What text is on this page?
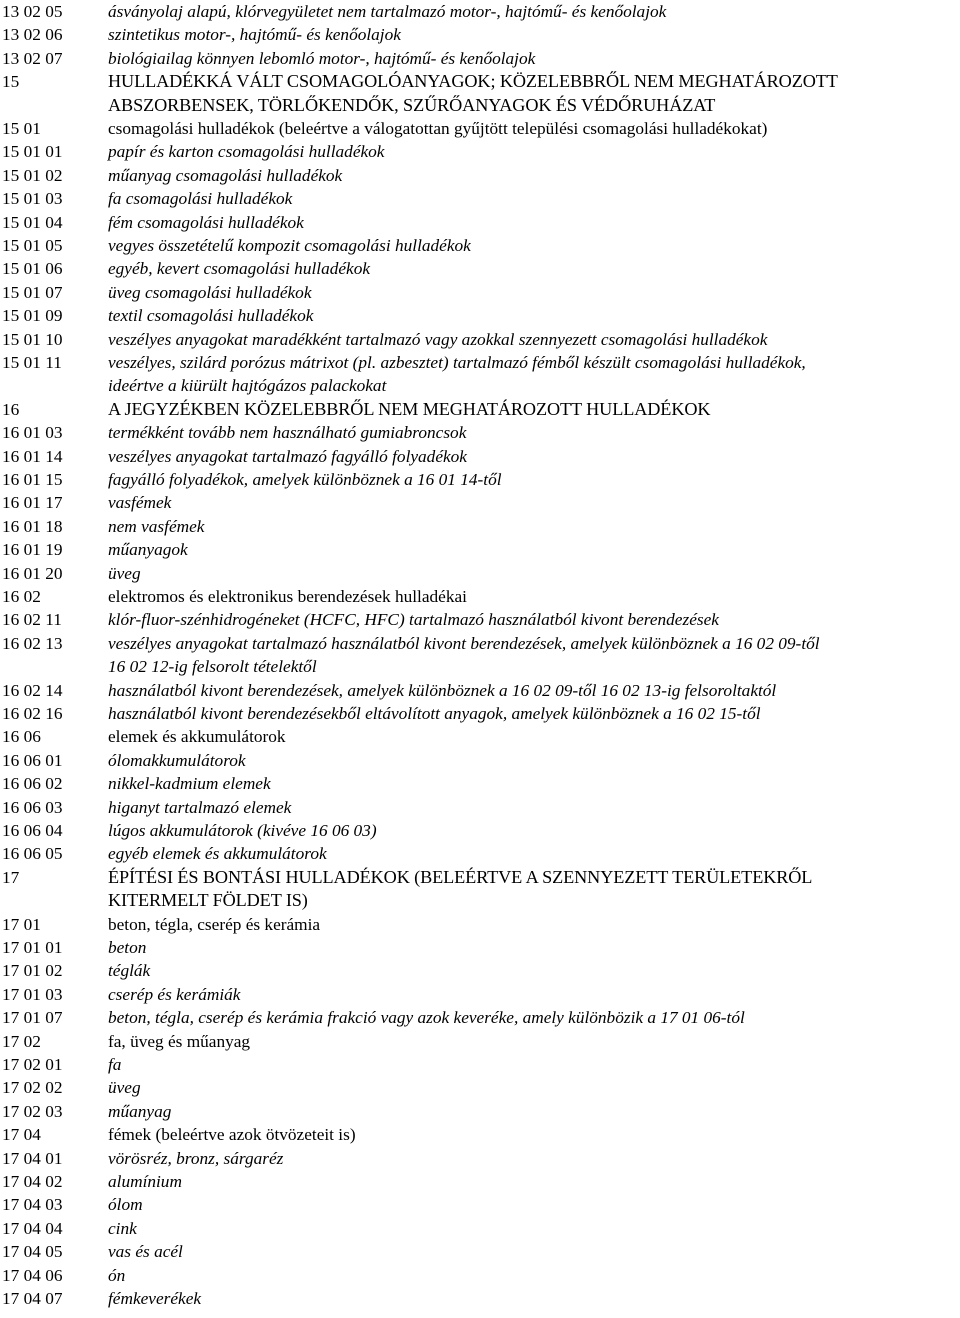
13 02 05	ásványolaj alapú, klórvegyületet nem tartalmazó motor-, hajtómű- és kenőolajok
13 02 06	szintetikus motor-, hajtómű- és kenőolajok
13 02 07	biológiailag könnyen lebomló motor-, hajtómű- és kenőolajok
15	HULLADÉKKÁ VÁLT CSOMAGOLÓANYAGOK; KÖZELEBBRŐL NEM MEGHATÁROZOTT
ABSZORBENSEK, TÖRLŐKENDŐK, SZŰRŐANYAGOK ÉS VÉDŐRUHÁZAT
15 01	csomagolási hulladékok (beleértve a válogatottan gyűjtött települési csomagolási hulladékokat)
15 01 01	papír és karton csomagolási hulladékok
15 01 02	műanyag csomagolási hulladékok
15 01 03	fa csomagolási hulladékok
15 01 04	fém csomagolási hulladékok
15 01 05	vegyes összetételű kompozit csomagolási hulladékok
15 01 06	egyéb, kevert csomagolási hulladékok
15 01 07	üveg csomagolási hulladékok
15 01 09	textil csomagolási hulladékok
15 01 10	veszélyes anyagokat maradékként tartalmazó vagy azokkal szennyezett csomagolási hulladékok
15 01 11	veszélyes, szilárd porózus mátrixot (pl. azbesztet) tartalmazó fémből készült csomagolási hulladékok,
ideértve a kiürült hajtógázos palackokat
16	A JEGYZÉKBEN KÖZELEBBRŐL NEM MEGHATÁROZOTT HULLADÉKOK
16 01 03	termékként tovább nem használható gumiabroncsok
16 01 14	veszélyes anyagokat tartalmazó fagyálló folyadékok
16 01 15	fagyálló folyadékok, amelyek különböznek a 16 01 14-től
16 01 17	vasfémek
16 01 18	nem vasfémek
16 01 19	műanyagok
16 01 20	üveg
16 02	elektromos és elektronikus berendezések hulladékai
16 02 11	klór-fluor-szénhidrogéneket (HCFC, HFC) tartalmazó használatból kivont berendezések
16 02 13	veszélyes anyagokat tartalmazó használatból kivont berendezések, amelyek különböznek a 16 02 09-től
16 02 12-ig felsorolt tételektől
16 02 14	használatból kivont berendezések, amelyek különböznek a 16 02 09-től 16 02 13-ig felsoroltaktól
16 02 16	használatból kivont berendezésekből eltávolított anyagok, amelyek különböznek a 16 02 15-től
16 06	elemek és akkumulátorok
16 06 01	ólomakkumulátorok
16 06 02	nikkel-kadmium elemek
16 06 03	higanyt tartalmazó elemek
16 06 04	lúgos akkumulátorok (kivéve 16 06 03)
16 06 05	egyéb elemek és akkumulátorok
17	ÉPÍTÉSI ÉS BONTÁSI HULLADÉKOK (BELEÉRTVE A SZENNYEZETT TERÜLETEKRŐL
KITERMELT FÖLDET IS)
17 01	beton, tégla, cserép és kerámia
17 01 01	beton
17 01 02	téglák
17 01 03	cserép és kerámiák
17 01 07	beton, tégla, cserép és kerámia frakció vagy azok keveréke, amely különbözik a 17 01 06-tól
17 02	fa, üveg és műanyag
17 02 01	fa
17 02 02	üveg
17 02 03	műanyag
17 04	fémek (beleértve azok ötvözeteit is)
17 04 01	vörösréz, bronz, sárgaréz
17 04 02	alumínium
17 04 03	ólom
17 04 04	cink
17 04 05	vas és acél
17 04 06	ón
17 04 07	fémkeverékek
